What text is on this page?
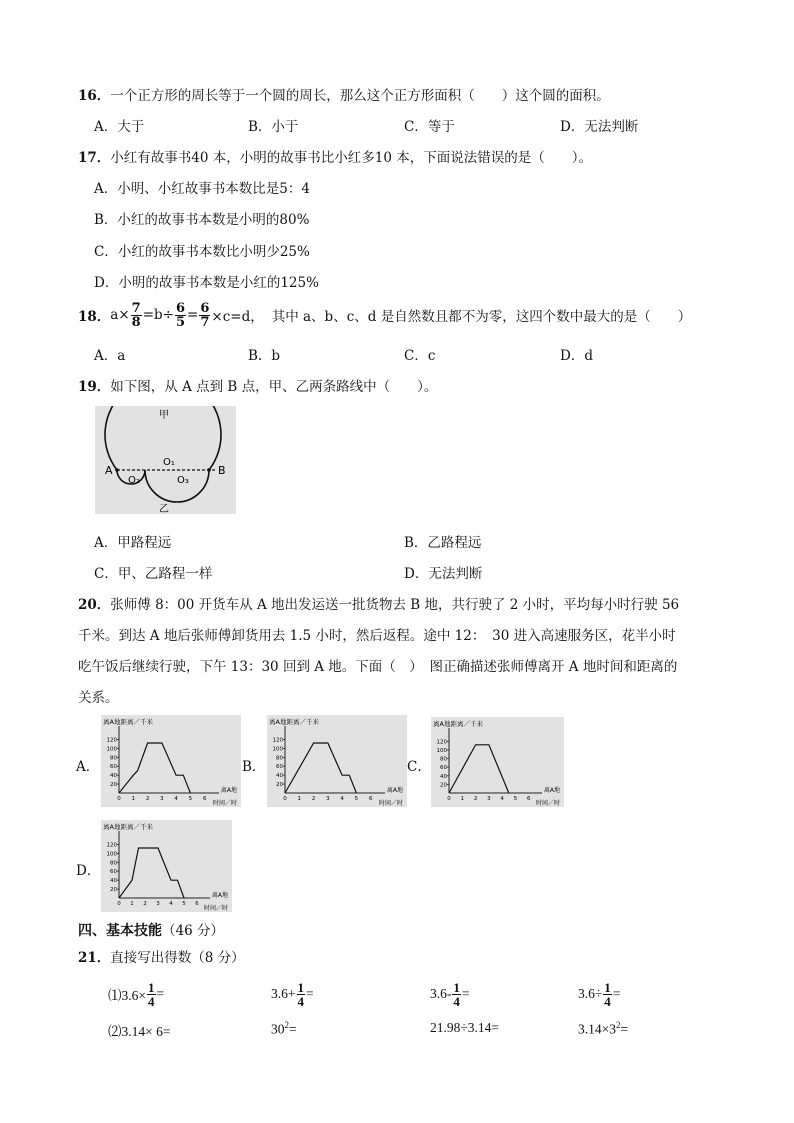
16．一个正方形的周长等于一个圆的周长，那么这个正方形面积（　　）这个圆的面积。
A．大于	B．小于	C．等于	D．无法判断
17．小红有故事书40 本，小明的故事书比小红多10 本，下面说法错误的是（　　）。
A．小明、小红故事书本数比是5：4
B．小红的故事书本数是小明的80%
C．小红的故事书本数比小明少25%
D．小明的故事书本数是小红的125%
18． $a\times \frac{7}{8} =b\div \frac{6}{5} = \frac{6}{7} \times c=d$， 其中 a、b、c、d 是自然数且都不为零，这四个数中最大的是（　　）
A．a	B．b	C．c	D．d
19．如下图，从 A 点到 B 点，甲、乙两条路线中（　　）。
甲
乙
A	B
O₁
O₂	O₃
A．甲路程远	B．乙路程远
C．甲、乙路程一样	D．无法判断
20．张师傅 8：00 开货车从 A 地出发运送一批货物去 B 地，共行驶了 2 小时，平均每小时行驶 56
千米。到达 A 地后张师傅卸货用去 1.5 小时，然后返程。途中 12：　30 进入高速服务区，花半小时
吃午饭后继续行驶，下午 13：30 回到 A 地。下面（　）　图正确描述张师傅离开 A 地时间和距离的
关系。
A．	B．	C．
D．
离A地距离／千米
120
100
80
60
40
20
0 1 2 3 4 5 6
离A地
时间／时
离A地距离／千米
120
100
80
60
40
20
0 1 2 3 4 5 6
离A地
时间／时
离A地距离／千米
120
100
80
60
40
20
0 1 2 3 4 5 6
离A地
时间／时
离A地距离／千米
120
100
80
60
40
20
0 1 2 3 4 5 6
离A地
时间／时
四、基本技能（46 分）
21．直接写出得数（8 分）
⑴3.6× $\frac{1}{4}$ =	$3.6+ \frac{1}{4}$ =	$3.6- \frac{1}{4}$ =	$3.6\div \frac{1}{4}$ =
⑵3.14× 6=	$30^2=$	21.98÷3.14=	$3.14\times 3^2=$
